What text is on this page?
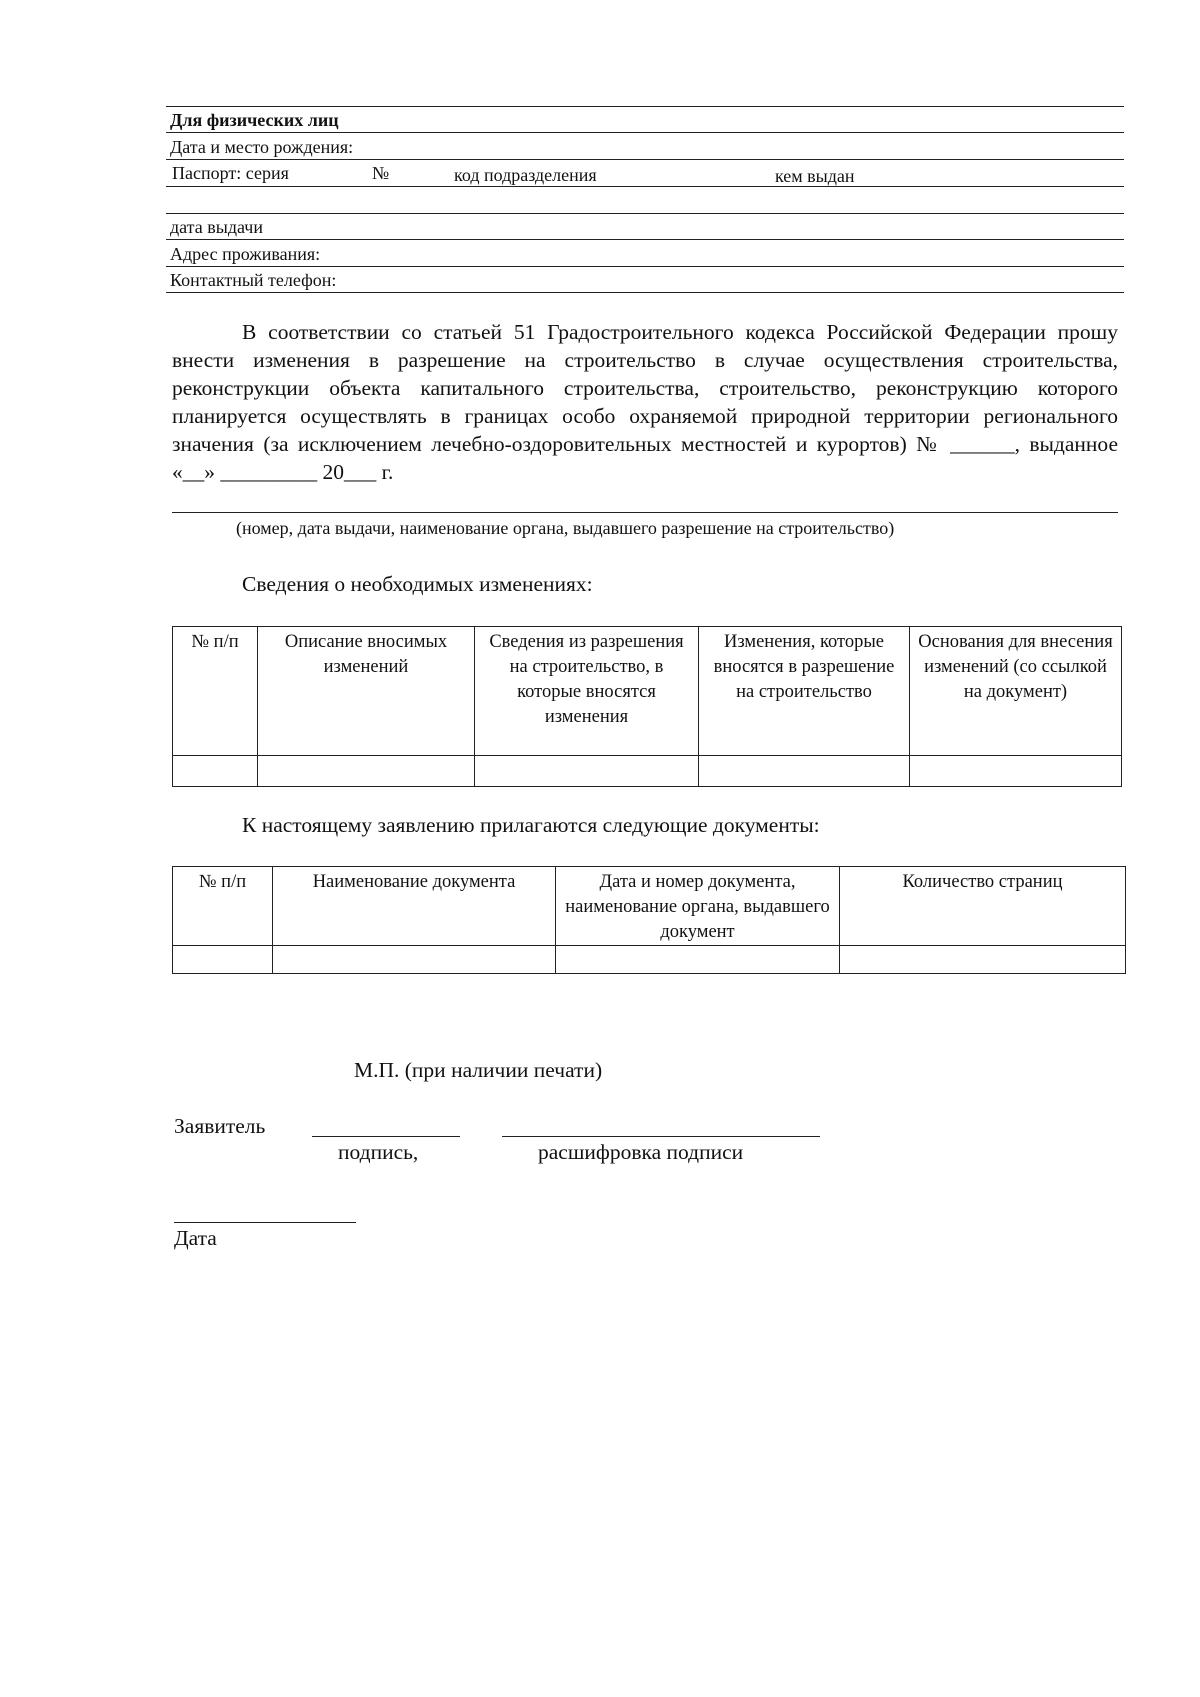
Для физических лиц
Дата и место рождения:
Паспорт: серия	№	код подразделения	кем выдан
дата выдачи
Адрес проживания:
Контактный телефон:
В соответствии со статьей 51 Градостроительного кодекса Российской Федерации прошу внести изменения в разрешение на строительство в случае осуществления строительства, реконструкции объекта капитального строительства, строительство, реконструкцию которого планируется осуществлять в границах особо охраняемой природной территории регионального значения (за исключением лечебно-оздоровительных местностей и курортов) № ______, выданное «__» _________ 20___ г.
(номер, дата выдачи, наименование органа, выдавшего разрешение на строительство)
Сведения о необходимых изменениях:
№ п/п	Описание вносимых изменений	Сведения из разрешения на строительство, в которые вносятся изменения	Изменения, которые вносятся в разрешение на строительство	Основания для внесения изменений (со ссылкой на документ)

К настоящему заявлению прилагаются следующие документы:
№ п/п	Наименование документа	Дата и номер документа, наименование органа, выдавшего документ	Количество страниц

М.П. (при наличии печати)
Заявитель
подпись,	расшифровка подписи
Дата
